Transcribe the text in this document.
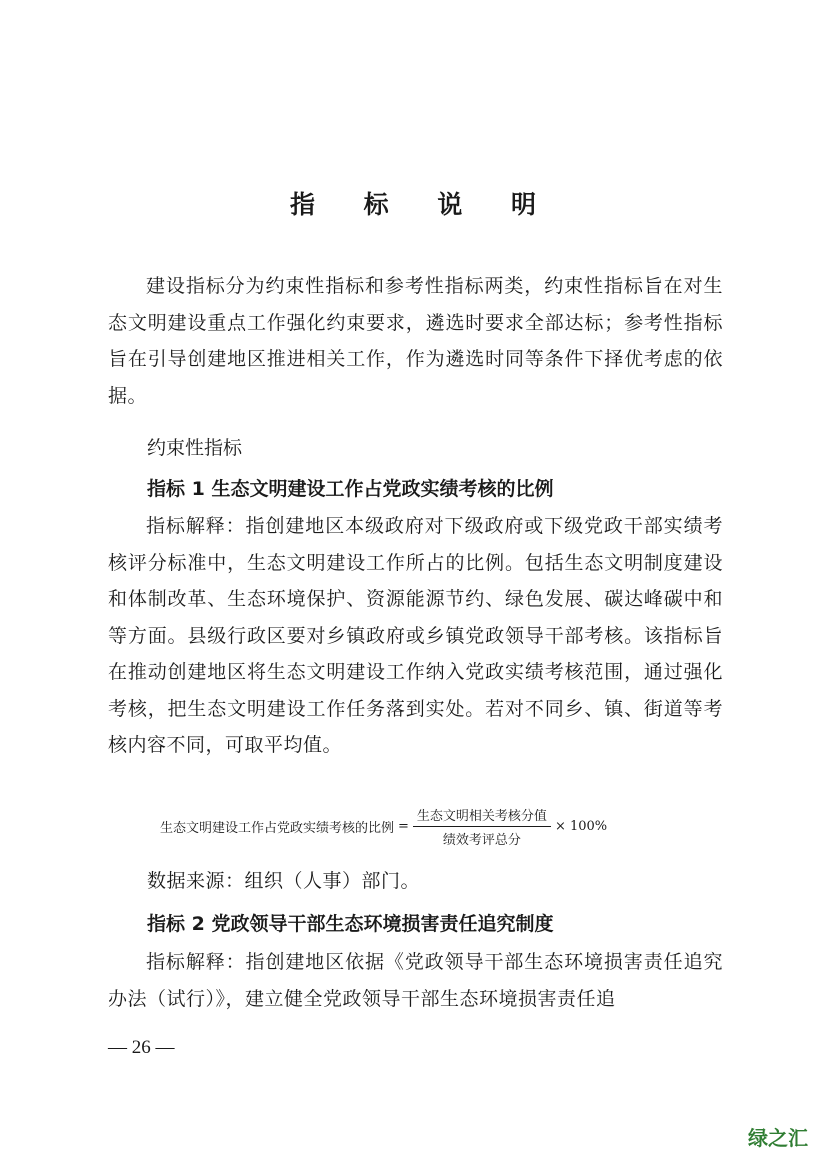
指 标 说 明

建设指标分为约束性指标和参考性指标两类，约束性指标旨在对生态文明建设重点工作强化约束要求，遴选时要求全部达标；参考性指标旨在引导创建地区推进相关工作，作为遴选时同等条件下择优考虑的依据。

约束性指标
指标 1 生态文明建设工作占党政实绩考核的比例

指标解释：指创建地区本级政府对下级政府或下级党政干部实绩考核评分标准中，生态文明建设工作所占的比例。包括生态文明制度建设和体制改革、生态环境保护、资源能源节约、绿色发展、碳达峰碳中和等方面。县级行政区要对乡镇政府或乡镇党政领导干部考核。该指标旨在推动创建地区将生态文明建设工作纳入党政实绩考核范围，通过强化考核，把生态文明建设工作任务落到实处。若对不同乡、镇、街道等考核内容不同，可取平均值。

生态文明建设工作占党政实绩考核的比例 = $\frac{\text{生态文明相关考核分值}}{\text{绩效考评总分}} \times 100\%$
数据来源：组织（人事）部门。
指标 2 党政领导干部生态环境损害责任追究制度

指标解释：指创建地区依据《党政领导干部生态环境损害责任追究办法（试行）》，建立健全党政领导干部生态环境损害责任追

— 26 —
绿之汇
